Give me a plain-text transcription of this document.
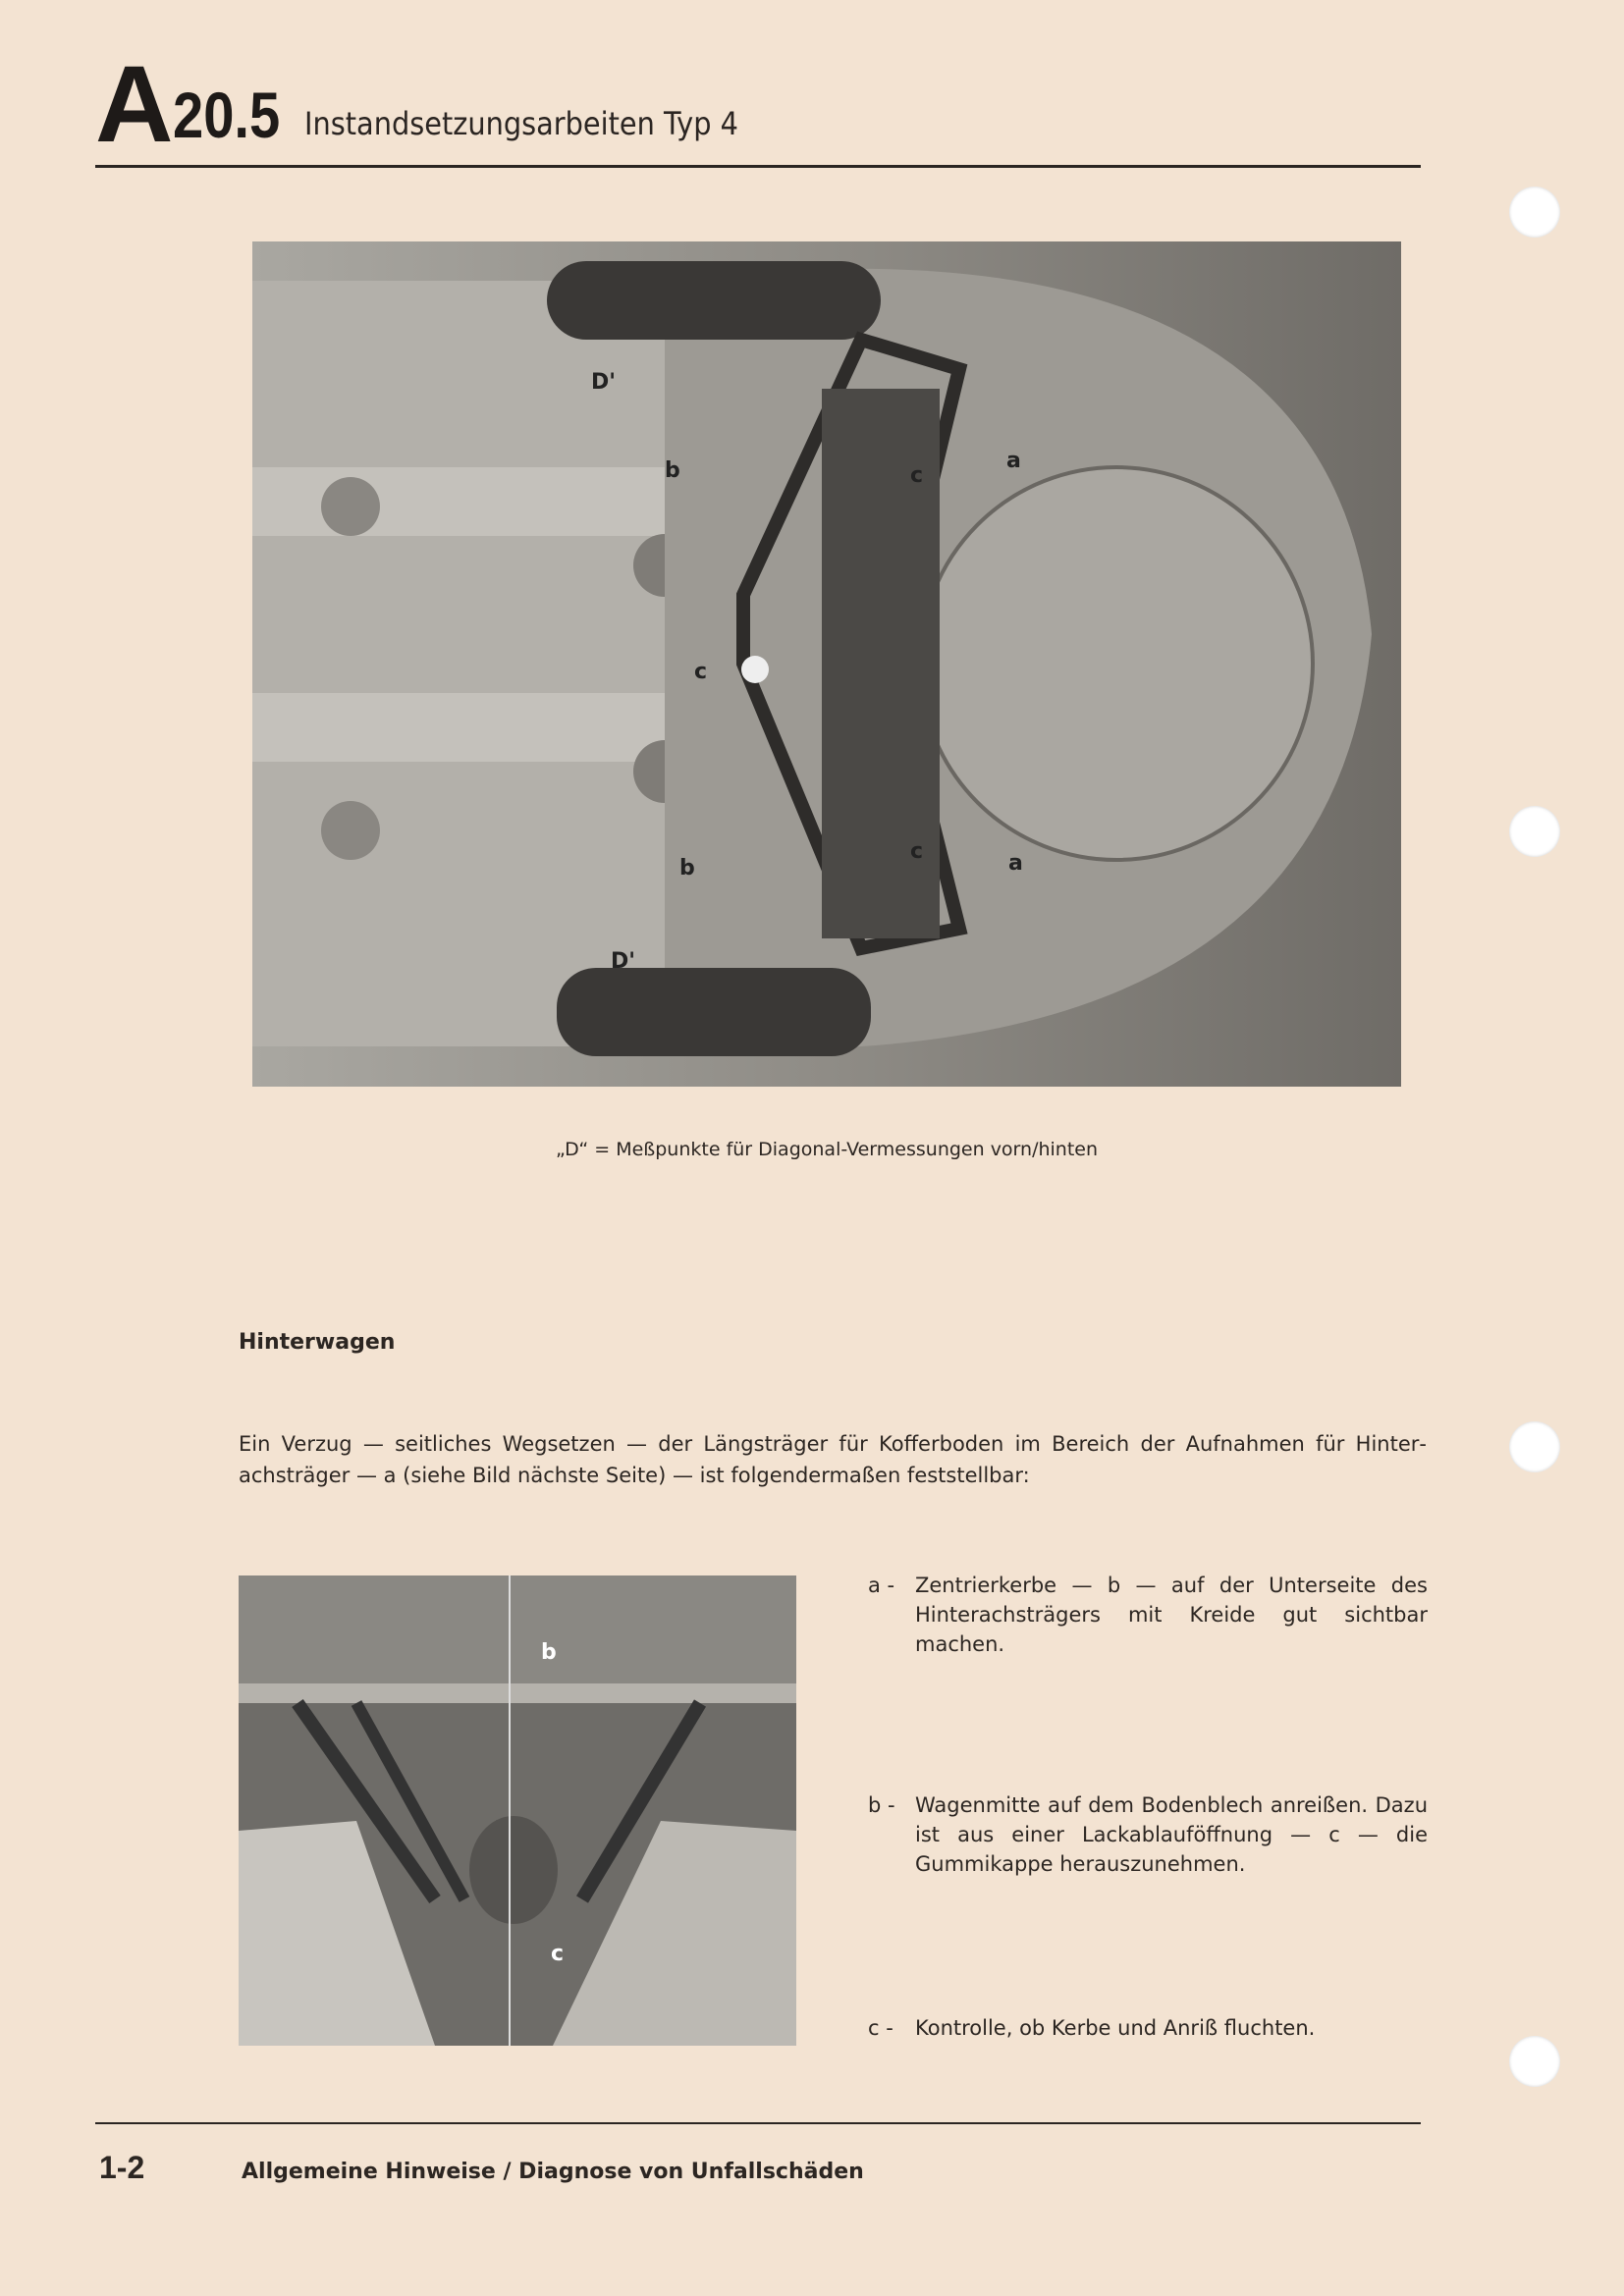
A 20.5 Instandsetzungsarbeiten Typ 4
D'
b	c
a
c
b
c	a
D'
„D“ = Meßpunkte für Diagonal-Vermessungen vorn/hinten
Hinterwagen
Ein Verzug — seitliches Wegsetzen — der Längsträger für Kofferboden im Bereich der Aufnahmen für Hinterachsträger — a (siehe Bild nächste Seite) — ist folgendermaßen feststellbar:
b
c
a - Zentrierkerbe — b — auf der Unterseite des Hinterachsträgers mit Kreide gut sichtbar machen.
b - Wagenmitte auf dem Bodenblech anreißen. Dazu ist aus einer Lackablauföffnung — c — die Gummikappe herauszunehmen.
c -	Kontrolle, ob Kerbe und Anriß fluchten.
1-2	Allgemeine Hinweise / Diagnose von Unfallschäden
